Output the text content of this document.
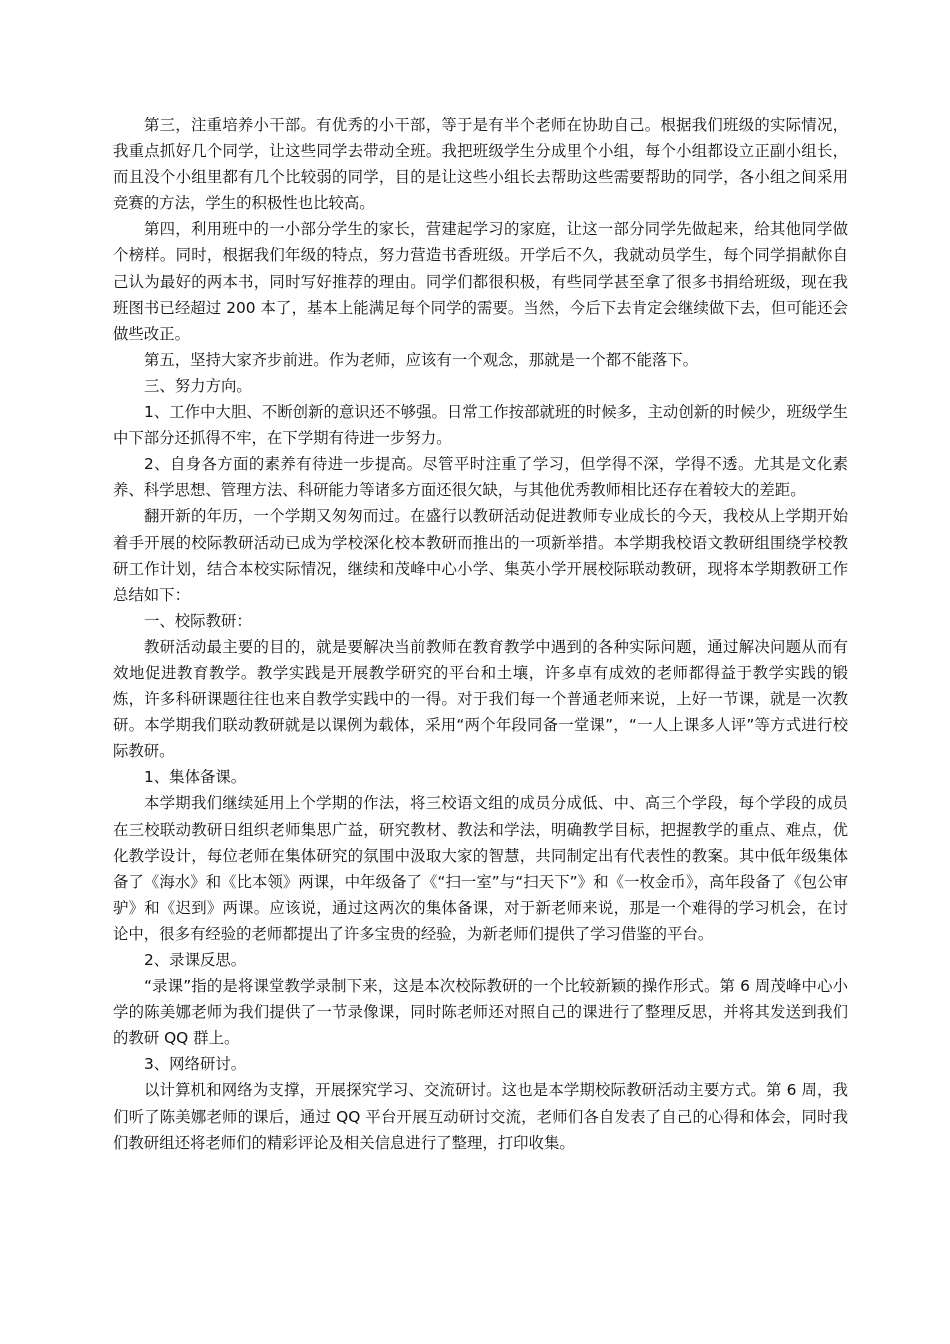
第三，注重培养小干部。有优秀的小干部，等于是有半个老师在协助自己。根据我们班级的实际情况，我重点抓好几个同学，让这些同学去带动全班。我把班级学生分成里个小组，每个小组都设立正副小组长，而且没个小组里都有几个比较弱的同学，目的是让这些小组长去帮助这些需要帮助的同学，各小组之间采用竞赛的方法，学生的积极性也比较高。

第四，利用班中的一小部分学生的家长，营建起学习的家庭，让这一部分同学先做起来，给其他同学做个榜样。同时，根据我们年级的特点，努力营造书香班级。开学后不久，我就动员学生，每个同学捐献你自己认为最好的两本书，同时写好推荐的理由。同学们都很积极，有些同学甚至拿了很多书捐给班级，现在我班图书已经超过 200 本了，基本上能满足每个同学的需要。当然，今后下去肯定会继续做下去，但可能还会做些改正。

第五，坚持大家齐步前进。作为老师，应该有一个观念，那就是一个都不能落下。

三、努力方向。

1、工作中大胆、不断创新的意识还不够强。日常工作按部就班的时候多，主动创新的时候少，班级学生中下部分还抓得不牢，在下学期有待进一步努力。

2、自身各方面的素养有待进一步提高。尽管平时注重了学习，但学得不深，学得不透。尤其是文化素养、科学思想、管理方法、科研能力等诸多方面还很欠缺，与其他优秀教师相比还存在着较大的差距。

翻开新的年历，一个学期又匆匆而过。在盛行以教研活动促进教师专业成长的今天，我校从上学期开始着手开展的校际教研活动已成为学校深化校本教研而推出的一项新举措。本学期我校语文教研组围绕学校教研工作计划，结合本校实际情况，继续和茂峰中心小学、集英小学开展校际联动教研，现将本学期教研工作总结如下：

一、校际教研：

教研活动最主要的目的，就是要解决当前教师在教育教学中遇到的各种实际问题，通过解决问题从而有效地促进教育教学。教学实践是开展教学研究的平台和土壤，许多卓有成效的老师都得益于教学实践的锻炼，许多科研课题往往也来自教学实践中的一得。对于我们每一个普通老师来说，上好一节课，就是一次教研。本学期我们联动教研就是以课例为载体，采用“两个年段同备一堂课”，“一人上课多人评”等方式进行校际教研。

1、集体备课。

本学期我们继续延用上个学期的作法，将三校语文组的成员分成低、中、高三个学段，每个学段的成员在三校联动教研日组织老师集思广益，研究教材、教法和学法，明确教学目标，把握教学的重点、难点，优化教学设计，每位老师在集体研究的氛围中汲取大家的智慧，共同制定出有代表性的教案。其中低年级集体备了《海水》和《比本领》两课，中年级备了《“扫一室”与“扫天下”》和《一枚金币》，高年段备了《包公审驴》和《迟到》两课。应该说，通过这两次的集体备课，对于新老师来说，那是一个难得的学习机会，在讨论中，很多有经验的老师都提出了许多宝贵的经验，为新老师们提供了学习借鉴的平台。

2、录课反思。

“录课”指的是将课堂教学录制下来，这是本次校际教研的一个比较新颖的操作形式。第 6 周茂峰中心小学的陈美娜老师为我们提供了一节录像课，同时陈老师还对照自己的课进行了整理反思，并将其发送到我们的教研 QQ 群上。

3、网络研讨。

以计算机和网络为支撑，开展探究学习、交流研讨。这也是本学期校际教研活动主要方式。第 6 周，我们听了陈美娜老师的课后，通过 QQ 平台开展互动研讨交流，老师们各自发表了自己的心得和体会，同时我们教研组还将老师们的精彩评论及相关信息进行了整理，打印收集。
